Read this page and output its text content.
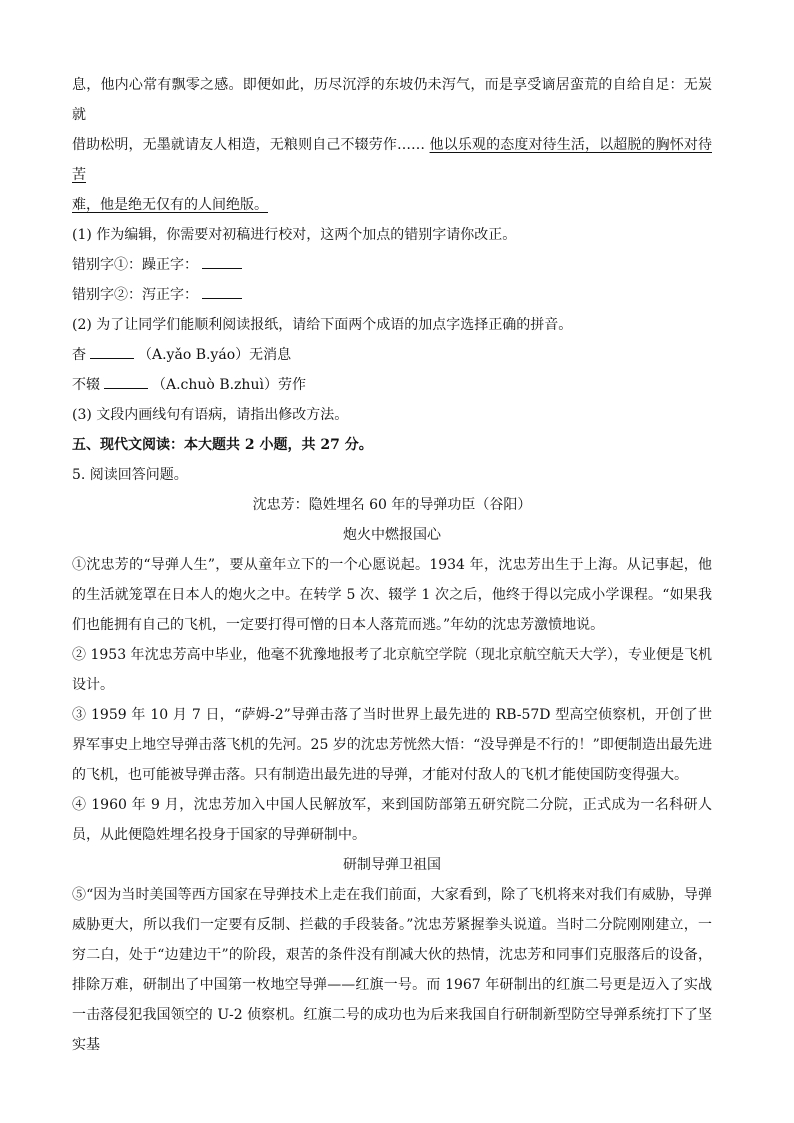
息，他内心常有飘零之感。即便如此，历尽沉浮的东坡仍未泻气，而是享受谪居蛮荒的自给自足：无炭就
借助松明，无墨就请友人相造，无粮则自己不辍劳作…… 他以乐观的态度对待生活，以超脱的胸怀对待苦
难，他是绝无仅有的人间绝版。

(1) 作为编辑，你需要对初稿进行校对，这两个加点的错别字请你改正。

错别字①：躁正字：

错别字②：泻正字：

(2) 为了让同学们能顺利阅读报纸，请给下面两个成语的加点字选择正确的拼音。

杳	（A.yǎo B.yáo）无消息

不辍	（A.chuò B.zhuì）劳作

(3) 文段内画线句有语病，请指出修改方法。

五、现代文阅读：本大题共 2 小题，共 27 分。

5. 阅读回答问题。

沈忠芳：隐姓埋名 60 年的导弹功臣（谷阳）

炮火中燃报国心

①沈忠芳的“导弹人生”，要从童年立下的一个心愿说起。1934 年，沈忠芳出生于上海。从记事起，他的生活就笼罩在日本人的炮火之中。在转学 5 次、辍学 1 次之后，他终于得以完成小学课程。“如果我们也能拥有自己的飞机，一定要打得可憎的日本人落荒而逃。”年幼的沈忠芳激愤地说。

② 1953 年沈忠芳高中毕业，他毫不犹豫地报考了北京航空学院（现北京航空航天大学），专业便是飞机设计。

③ 1959 年 10 月 7 日，“萨姆-2”导弹击落了当时世界上最先进的 RB-57D 型高空侦察机，开创了世界军事史上地空导弹击落飞机的先河。25 岁的沈忠芳恍然大悟：“没导弹是不行的！”即便制造出最先进的飞机，也可能被导弹击落。只有制造出最先进的导弹，才能对付敌人的飞机才能使国防变得强大。

④ 1960 年 9 月，沈忠芳加入中国人民解放军，来到国防部第五研究院二分院，正式成为一名科研人员，从此便隐姓埋名投身于国家的导弹研制中。

研制导弹卫祖国

⑤“因为当时美国等西方国家在导弹技术上走在我们前面，大家看到，除了飞机将来对我们有威胁，导弹威胁更大，所以我们一定要有反制、拦截的手段装备。”沈忠芳紧握拳头说道。当时二分院刚刚建立，一穷二白，处于“边建边干”的阶段，艰苦的条件没有削减大伙的热情，沈忠芳和同事们克服落后的设备，排除万难，研制出了中国第一枚地空导弹——红旗一号。而 1967 年研制出的红旗二号更是迈入了实战一击落侵犯我国领空的 U-2 侦察机。红旗二号的成功也为后来我国自行研制新型防空导弹系统打下了坚实基
